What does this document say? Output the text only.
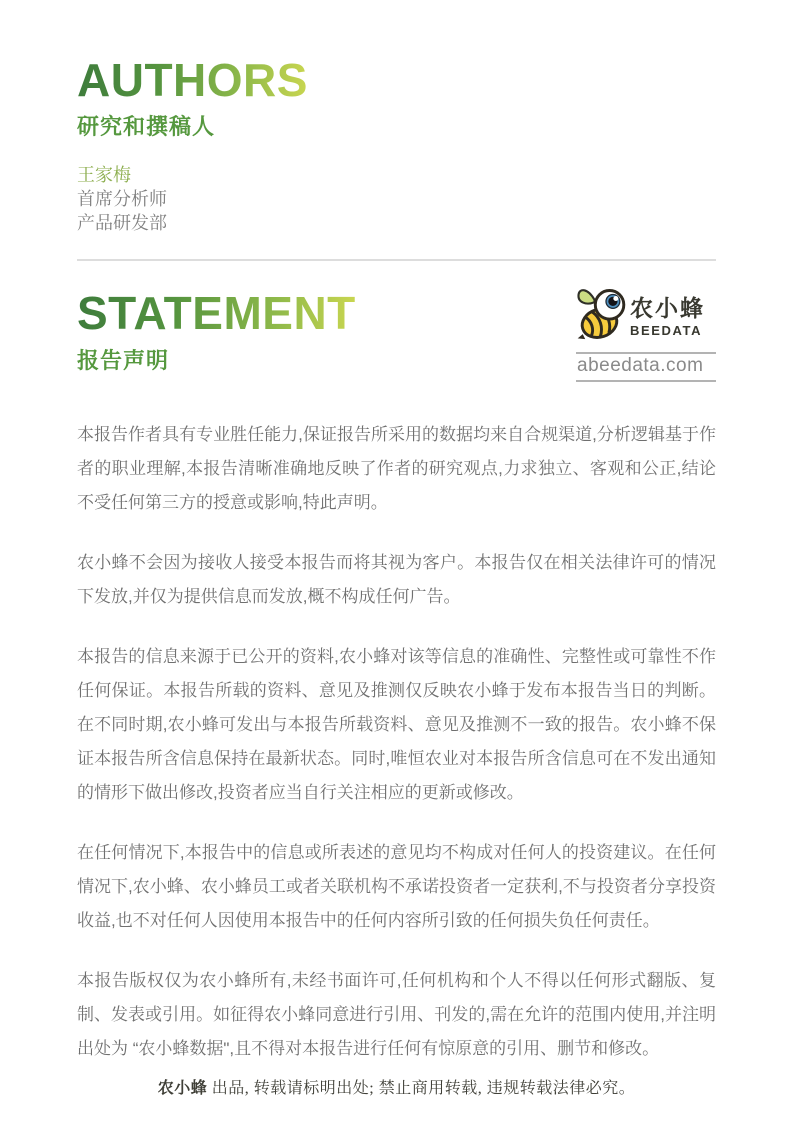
AUTHORS
研究和撰稿人
王家梅
首席分析师
产品研发部
STATEMENT
报告声明
农小蜂
BEEDATA
abeedata.com

本报告作者具有专业胜任能力,保证报告所采用的数据均来自合规渠道,分析逻辑基于作者的职业理解,本报告清晰准确地反映了作者的研究观点,力求独立、客观和公正,结论不受任何第三方的授意或影响,特此声明。

农小蜂不会因为接收人接受本报告而将其视为客户。本报告仅在相关法律许可的情况下发放,并仅为提供信息而发放,概不构成任何广告。

本报告的信息来源于已公开的资料,农小蜂对该等信息的准确性、完整性或可靠性不作任何保证。本报告所载的资料、意见及推测仅反映农小蜂于发布本报告当日的判断。在不同时期,农小蜂可发出与本报告所载资料、意见及推测不一致的报告。农小蜂不保证本报告所含信息保持在最新状态。同时,唯恒农业对本报告所含信息可在不发出通知的情形下做出修改,投资者应当自行关注相应的更新或修改。

在任何情况下,本报告中的信息或所表述的意见均不构成对任何人的投资建议。在任何情况下,农小蜂、农小蜂员工或者关联机构不承诺投资者一定获利,不与投资者分享投资收益,也不对任何人因使用本报告中的任何内容所引致的任何损失负任何责任。

本报告版权仅为农小蜂所有,未经书面许可,任何机构和个人不得以任何形式翻版、复制、发表或引用。如征得农小蜂同意进行引用、刊发的,需在允许的范围内使用,并注明出处为 “农小蜂数据",且不得对本报告进行任何有惊原意的引用、删节和修改。

农小蜂 出品, 转载请标明出处; 禁止商用转载, 违规转载法律必究。
